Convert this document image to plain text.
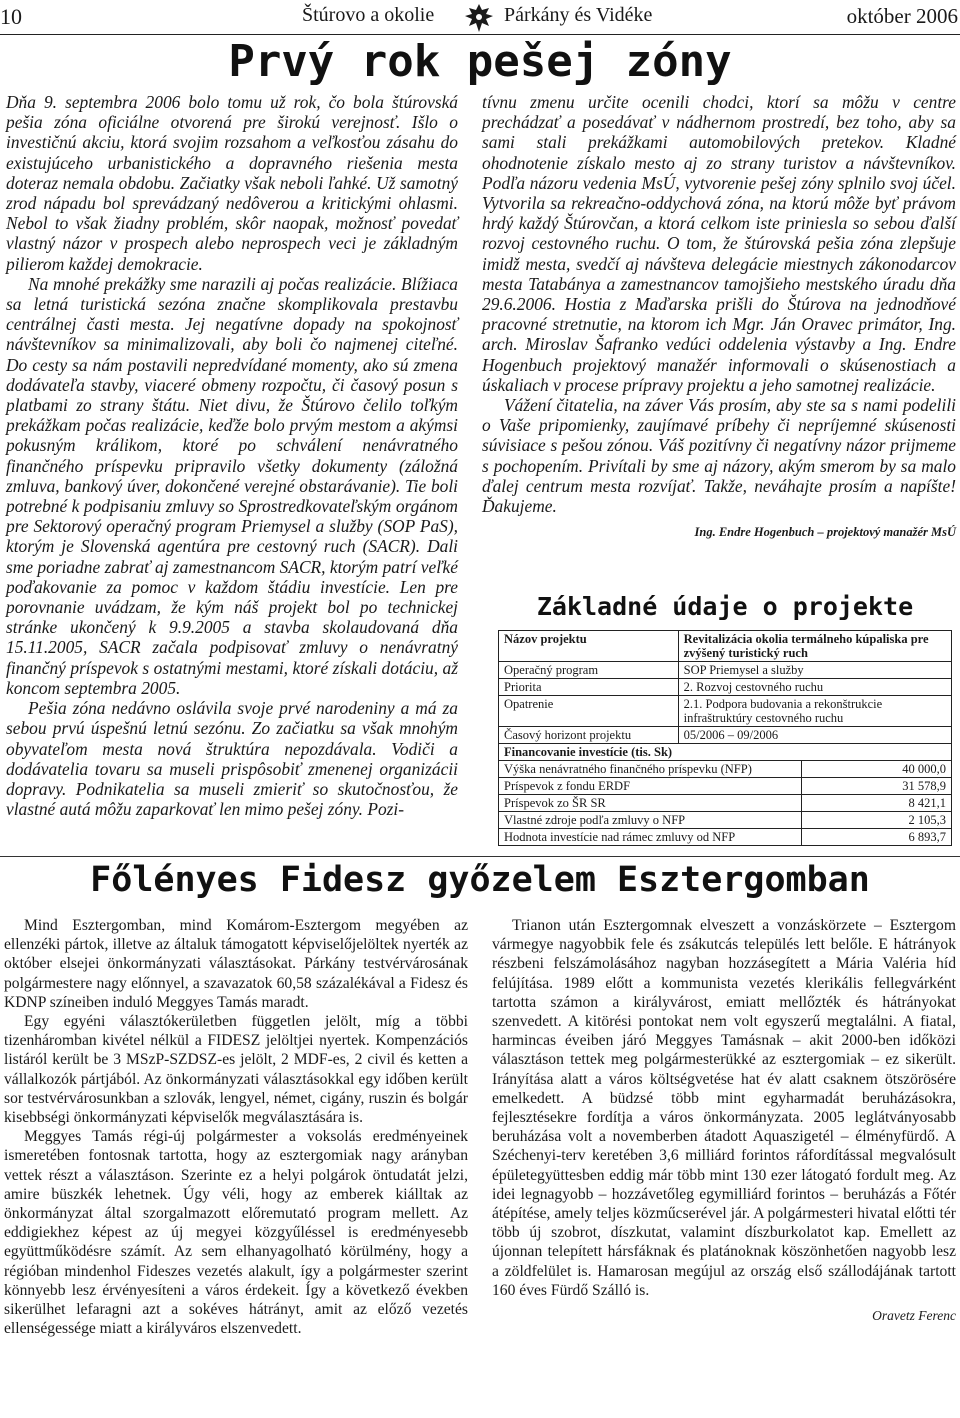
10	Štúrovo a okolie	Párkány és Vidéke	október 2006
Prvý rok pešej zóny

Dňa 9. septembra 2006 bolo tomu už rok, čo bola štúrovská pešia zóna oficiálne otvorená pre širokú verejnosť. Išlo o investičnú akciu, ktorá svojim rozsahom a veľkosťou zásahu do existujúceho urbanistického a dopravného riešenia mesta doteraz nemala obdobu. Začiatky však neboli ľahké. Už samotný zrod nápadu bol sprevádzaný nedôverou a kritickými ohlasmi. Nebol to však žiadny problém, skôr naopak, možnosť povedať vlastný názor v prospech alebo neprospech veci je základným pilierom každej demokracie.

Na mnohé prekážky sme narazili aj počas realizácie. Blížiaca sa letná turistická sezóna značne skomplikovala prestavbu centrálnej časti mesta. Jej negatívne dopady na spokojnosť návštevníkov sa minimalizovali, aby boli čo najmenej citeľné. Do cesty sa nám postavili nepredvídané momenty, ako sú zmena dodávateľa stavby, viaceré obmeny rozpočtu, či časový posun s platbami zo strany štátu. Niet divu, že Štúrovo čelilo toľkým prekážkam počas realizácie, keďže bolo prvým mestom a akýmsi pokusným králikom, ktoré po schválení nenávratného finančného príspevku pripravilo všetky dokumenty (záložná zmluva, bankový úver, dokončené verejné obstarávanie). Tie boli potrebné k podpisaniu zmluvy so Sprostredkovateľským orgánom pre Sektorový operačný program Priemysel a služby (SOP PaS), ktorým je Slovenská agentúra pre cestovný ruch (SACR). Dali sme poriadne zabrať aj zamestnancom SACR, ktorým patrí veľké poďakovanie za pomoc v každom štádiu investície. Len pre porovnanie uvádzam, že kým náš projekt bol po technickej stránke ukončený k 9.9.2005 a stavba skolaudovaná dňa 15.11.2005, SACR začala podpisovať zmluvy o nenávratný finančný príspevok s ostatnými mestami, ktoré získali dotáciu, až koncom septembra 2005.

Pešia zóna nedávno oslávila svoje prvé narodeniny a má za sebou prvú úspešnú letnú sezónu. Zo začiatku sa však mnohým obyvateľom mesta nová štruktúra nepozdávala. Vodiči a dodávatelia tovaru sa museli prispôsobiť zmenenej organizácii dopravy. Podnikatelia sa museli zmieriť so skutočnosťou, že vlastné autá môžu zaparkovať len mimo pešej zóny. Pozi-

tívnu zmenu určite ocenili chodci, ktorí sa môžu v centre prechádzať a posedávať v nádhernom prostredí, bez toho, aby sa sami stali prekážkami automobilových pretekov. Kladné ohodnotenie získalo mesto aj zo strany turistov a návštevníkov. Podľa názoru vedenia MsÚ, vytvorenie pešej zóny splnilo svoj účel. Vytvorila sa rekreačno-oddychová zóna, na ktorú môže byť právom hrdý každý Štúrovčan, a ktorá celkom iste priniesla so sebou ďalší rozvoj cestovného ruchu. O tom, že štúrovská pešia zóna zlepšuje imidž mesta, svedčí aj návšteva delegácie miestnych zákonodarcov mesta Tatabánya a zamestnancov tamojšieho mestského úradu dňa 29.6.2006. Hostia z Maďarska prišli do Štúrova na jednodňové pracovné stretnutie, na ktorom ich Mgr. Ján Oravec primátor, Ing. arch. Miroslav Šafranko vedúci oddelenia výstavby a Ing. Endre Hogenbuch projektový manažér informovali o skúsenostiach a úskaliach v procese prípravy projektu a jeho samotnej realizácie.

Vážení čitatelia, na záver Vás prosím, aby ste sa s nami podelili o Vaše pripomienky, zaujímavé príbehy či nepríjemné skúsenosti súvisiace s pešou zónou. Váš pozitívny či negatívny názor prijmeme s pochopením. Privítali by sme aj názory, akým smerom by sa malo ďalej centrum mesta rozvíjať. Takže, neváhajte prosím a napíšte! Ďakujeme.

Ing. Endre Hogenbuch – projektový manažér MsÚ
Základné údaje o projekte
Názov projektu	Revitalizácia okolia termálneho kúpaliska pre zvýšený turistický ruch	
Operačný program	SOP Priemysel a služby	
Priorita	2. Rozvoj cestovného ruchu	
Opatrenie	2.1. Podpora budovania a rekonštrukcie infraštruktúry cestovného ruchu	
Časový horizont projektu	05/2006 – 09/2006	
Financovanie investície (tis. Sk)		
Výška nenávratného finančného príspevku (NFP)		40 000,0
Príspevok z fondu ERDF		31 578,9
Príspevok zo ŠR SR		8 421,1
Vlastné zdroje podľa zmluvy o NFP		2 105,3
Hodnota investície nad rámec zmluvy od NFP		6 893,7
Főlényes Fidesz győzelem Esztergomban

Mind Esztergomban, mind Komárom-Esztergom megyében az ellenzéki pártok, illetve az általuk támogatott képviselőjelöltek nyerték az október elsejei önkormányzati választásokat. Párkány testvérvárosának polgármestere nagy előnnyel, a szavazatok 60,58 százalékával a Fidesz és KDNP színeiben induló Meggyes Tamás maradt.

Egy egyéni választókerületben független jelölt, míg a többi tizenháromban kivétel nélkül a FIDESZ jelöltjei nyertek. Kompenzációs listáról került be 3 MSzP-SZDSZ-es jelölt, 2 MDF-es, 2 civil és ketten a vállalkozók pártjából. Az önkormányzati választásokkal egy időben került sor testvérvárosunkban a szlovák, lengyel, német, cigány, ruszin és bolgár kisebbségi önkormányzati képviselők megválasztására is.

Meggyes Tamás régi-új polgármester a voksolás eredményeinek ismeretében fontosnak tartotta, hogy az esztergomiak nagy arányban vettek részt a választáson. Szerinte ez a helyi polgárok öntudatát jelzi, amire büszkék lehetnek. Úgy véli, hogy az emberek kiálltak az önkormányzat által szorgalmazott előremutató program mellett. Az eddigiekhez képest az új megyei közgyűléssel is eredményesebb együttműködésre számít. Az sem elhanyagolható körülmény, hogy a régióban mindenhol Fideszes vezetés alakult, így a polgármester szerint könnyebb lesz érvényesíteni a város érdekeit. Így a következő években sikerülhet lefaragni azt a sokéves hátrányt, amit az előző vezetés ellenségessége miatt a királyváros elszenvedett.

Trianon után Esztergomnak elveszett a vonzáskörzete – Esztergom vármegye nagyobbik fele és zsákutcás település lett belőle. E hátrányok részbeni felszámolásához nagyban hozzásegített a Mária Valéria híd felújítása. 1989 előtt a kommunista vezetés klerikális fellegvárként tartotta számon a királyvárost, emiatt mellőzték és hátrányokat szenvedett. A kitörési pontokat nem volt egyszerű megtalálni. A fiatal, harmincas éveiben járó Meggyes Tamásnak – akit 2000-ben időközi választáson tettek meg polgármesterükké az esztergomiak – ez sikerült. Irányítása alatt a város költségvetése hat év alatt csaknem ötszörösére emelkedett. A büdzsé több mint egyharmadát beruházásokra, fejlesztésekre fordítja a város önkormányzata. 2005 leglátványosabb beruházása volt a novemberben átadott Aquaszigetél – élményfürdő. A Széchenyi-terv keretében 3,6 milliárd forintos ráfordítással megvalósult épületegyüttesben eddig már több mint 130 ezer látogató fordult meg. Az idei legnagyobb – hozzávetőleg egymilliárd forintos – beruházás a Főtér átépítése, amely teljes közműcserével jár. A polgármesteri hivatal előtti tér több új szobrot, díszkutat, valamint díszburkolatot kap. Emellett az újonnan telepített hársfáknak és platánoknak köszönhetően nagyobb lesz a zöldfelület is. Hamarosan megújul az ország első szállodájának tartott 160 éves Fürdő Szálló is.

Oravetz Ferenc
